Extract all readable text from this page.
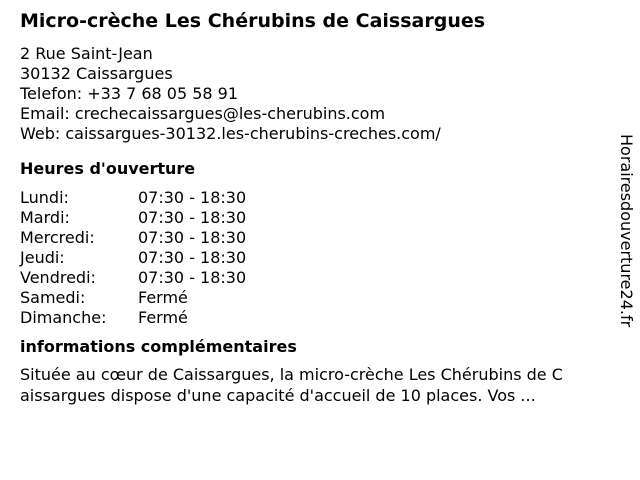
Micro-crèche Les Chérubins de Caissargues
2 Rue Saint-Jean
30132 Caissargues
Telefon: +33 7 68 05 58 91
Email: crechecaissargues@les-cherubins.com
Web: caissargues-30132.les-cherubins-creches.com/
Heures d'ouverture
Lundi:	07:30 - 18:30
Mardi:	07:30 - 18:30
Mercredi:	07:30 - 18:30
Jeudi:	07:30 - 18:30
Vendredi:	07:30 - 18:30
Samedi:	Fermé
Dimanche:	Fermé
informations complémentaires
Située au cœur de Caissargues, la micro-crèche Les Chérubins de Caissargues dispose d'une capacité d'accueil de 10 places. Vos ...
Horairesdouverture24.fr
